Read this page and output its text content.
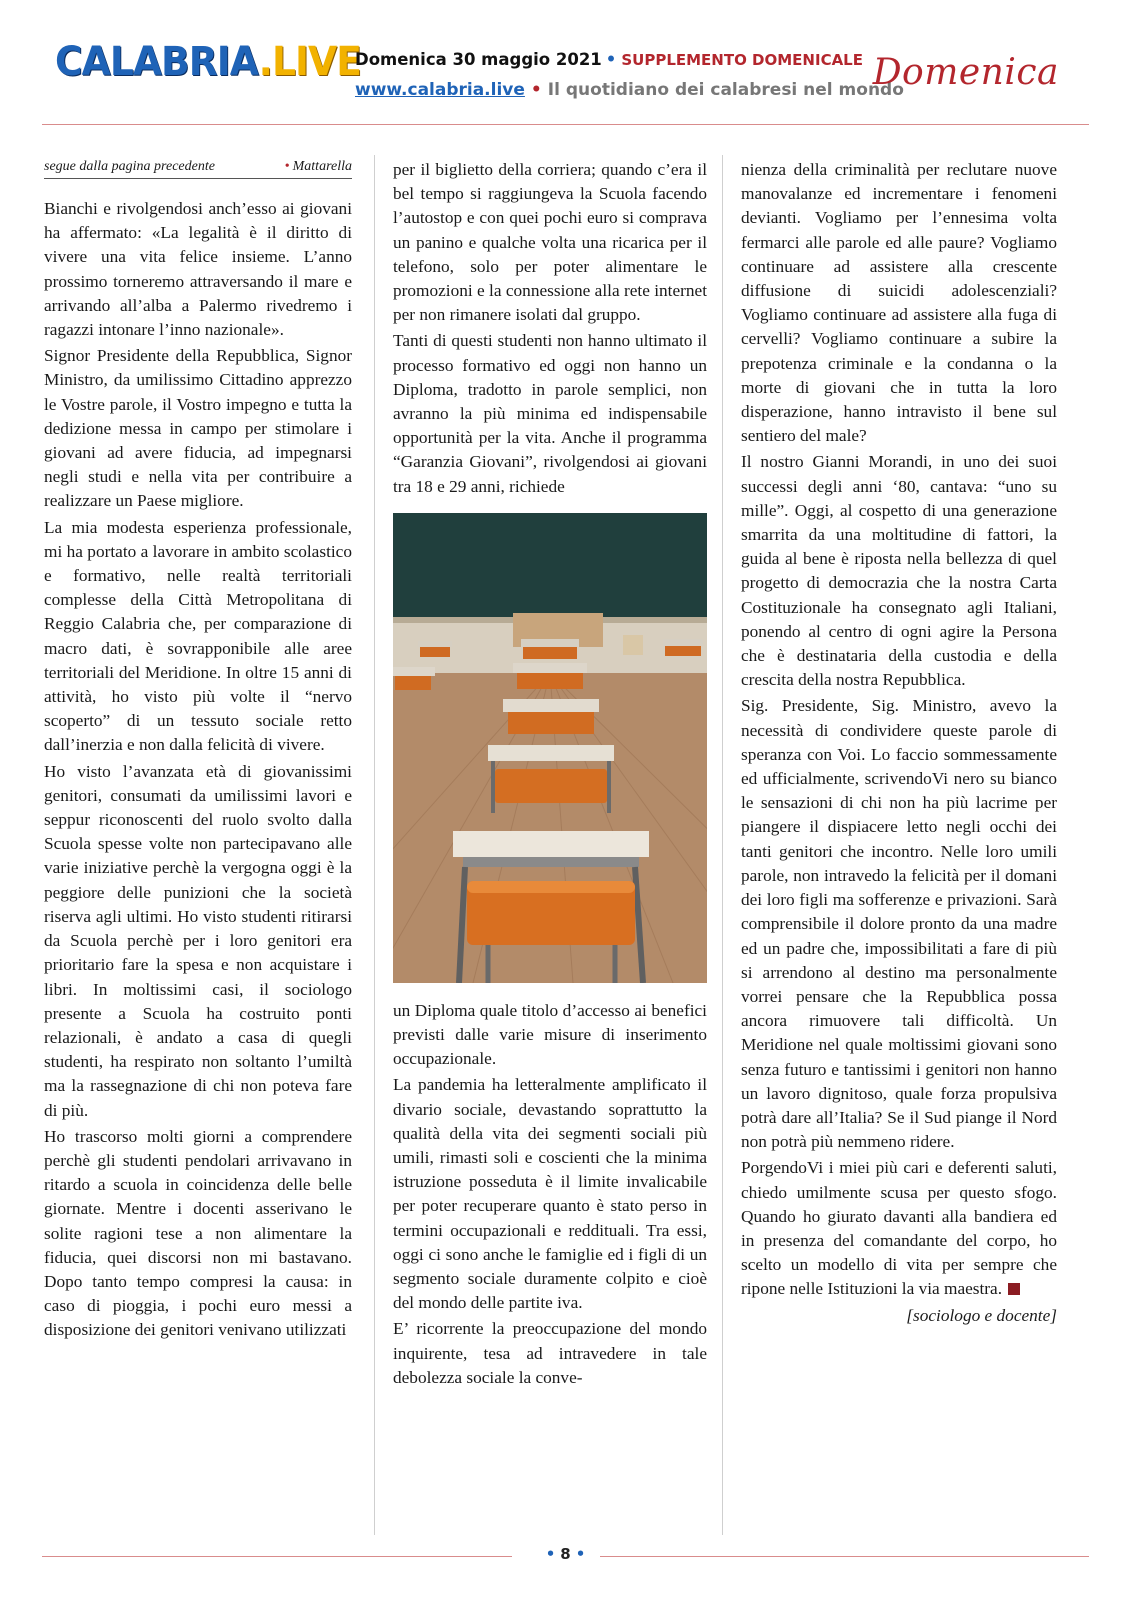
CALABRIA.LIVE
Domenica 30 maggio 2021 • SUPPLEMENTO DOMENICALE
www.calabria.live • Il quotidiano dei calabresi nel mondo
Domenica
segue dalla pagina precedente	• Mattarella

Bianchi e rivolgendosi anch’esso ai giovani ha affermato: «La legalità è il diritto di vivere una vita felice insieme. L’anno prossimo torneremo attraversando il mare e arrivando all’alba a Palermo rivedremo i ragazzi intonare l’inno nazionale».

Signor Presidente della Repubblica, Signor Ministro, da umilissimo Cittadino apprezzo le Vostre parole, il Vostro impegno e tutta la dedizione messa in campo per stimolare i giovani ad avere fiducia, ad impegnarsi negli studi e nella vita per contribuire a realizzare un Paese migliore.

La mia modesta esperienza professionale, mi ha portato a lavorare in ambito scolastico e formativo, nelle realtà territoriali complesse della Città Metropolitana di Reggio Calabria che, per comparazione di macro dati, è sovrapponibile alle aree territoriali del Meridione. In oltre 15 anni di attività, ho visto più volte il “nervo scoperto” di un tessuto sociale retto dall’inerzia e non dalla felicità di vivere.

Ho visto l’avanzata età di giovanissimi genitori, consumati da umilissimi lavori e seppur riconoscenti del ruolo svolto dalla Scuola spesse volte non partecipavano alle varie iniziative perchè la vergogna oggi è la peggiore delle punizioni che la società riserva agli ultimi. Ho visto studenti ritirarsi da Scuola perchè per i loro genitori era prioritario fare la spesa e non acquistare i libri. In moltissimi casi, il sociologo presente a Scuola ha costruito ponti relazionali, è andato a casa di quegli studenti, ha respirato non soltanto l’umiltà ma la rassegnazione di chi non poteva fare di più.

Ho trascorso molti giorni a comprendere perchè gli studenti pendolari arrivavano in ritardo a scuola in coincidenza delle belle giornate. Mentre i docenti asserivano le solite ragioni tese a non alimentare la fiducia, quei discorsi non mi bastavano. Dopo tanto tempo compresi la causa: in caso di pioggia, i pochi euro messi a disposizione dei genitori venivano utilizzati

per il biglietto della corriera; quando c’era il bel tempo si raggiungeva la Scuola facendo l’autostop e con quei pochi euro si comprava un panino e qualche volta una ricarica per il telefono, solo per poter alimentare le promozioni e la connessione alla rete internet per non rimanere isolati dal gruppo.

Tanti di questi studenti non hanno ultimato il processo formativo ed oggi non hanno un Diploma, tradotto in parole semplici, non avranno la più minima ed indispensabile opportunità per la vita. Anche il programma “Garanzia Giovani”, rivolgendosi ai giovani tra 18 e 29 anni, richiede

un Diploma quale titolo d’accesso ai benefici previsti dalle varie misure di inserimento occupazionale.

La pandemia ha letteralmente amplificato il divario sociale, devastando soprattutto la qualità della vita dei segmenti sociali più umili, rimasti soli e coscienti che la minima istruzione posseduta è il limite invalicabile per poter recuperare quanto è stato perso in termini occupazionali e reddituali. Tra essi, oggi ci sono anche le famiglie ed i figli di un segmento sociale duramente colpito e cioè del mondo delle partite iva.

E’ ricorrente la preoccupazione del mondo inquirente, tesa ad intravedere in tale debolezza sociale la conve-

nienza della criminalità per reclutare nuove manovalanze ed incrementare i fenomeni devianti. Vogliamo per l’ennesima volta fermarci alle parole ed alle paure? Vogliamo continuare ad assistere alla crescente diffusione di suicidi adolescenziali? Vogliamo continuare ad assistere alla fuga di cervelli? Vogliamo continuare a subire la prepotenza criminale e la condanna o la morte di giovani che in tutta la loro disperazione, hanno intravisto il bene sul sentiero del male?

Il nostro Gianni Morandi, in uno dei suoi successi degli anni ‘80, cantava: “uno su mille”. Oggi, al cospetto di una generazione smarrita da una moltitudine di fattori, la guida al bene è riposta nella bellezza di quel progetto di democrazia che la nostra Carta Costituzionale ha consegnato agli Italiani, ponendo al centro di ogni agire la Persona che è destinataria della custodia e della crescita della nostra Repubblica.

Sig. Presidente, Sig. Ministro, avevo la necessità di condividere queste parole di speranza con Voi. Lo faccio sommessamente ed ufficialmente, scrivendoVi nero su bianco le sensazioni di chi non ha più lacrime per piangere il dispiacere letto negli occhi dei tanti genitori che incontro. Nelle loro umili parole, non intravedo la felicità per il domani dei loro figli ma sofferenze e privazioni. Sarà comprensibile il dolore pronto da una madre ed un padre che, impossibilitati a fare di più si arrendono al destino ma personalmente vorrei pensare che la Repubblica possa ancora rimuovere tali difficoltà. Un Meridione nel quale moltissimi giovani sono senza futuro e tantissimi i genitori non hanno un lavoro dignitoso, quale forza propulsiva potrà dare all’Italia? Se il Sud piange il Nord non potrà più nemmeno ridere.

PorgendoVi i miei più cari e deferenti saluti, chiedo umilmente scusa per questo sfogo. Quando ho giurato davanti alla bandiera ed in presenza del comandante del corpo, ho scelto un modello di vita per sempre che ripone nelle Istituzioni la via maestra.

[sociologo e docente]
• 8 •
